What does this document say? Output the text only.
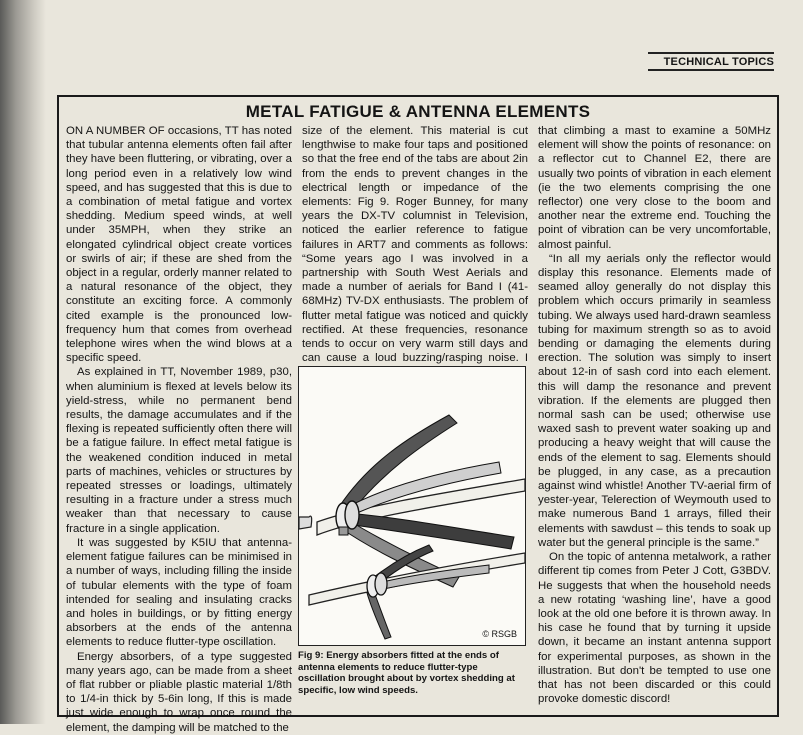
TECHNICAL TOPICS
METAL FATIGUE & ANTENNA ELEMENTS

ON A NUMBER OF occasions, TT has noted that tubular antenna elements often fail after they have been fluttering, or vibrating, over a long period even in a relatively low wind speed, and has suggested that this is due to a combination of metal fatigue and vortex shedding. Medium speed winds, at well under 35MPH, when they strike an elongated cylindrical object create vortices or swirls of air; if these are shed from the object in a regular, orderly manner related to a natural resonance of the object, they constitute an exciting force. A commonly cited example is the pronounced low-frequency hum that comes from overhead telephone wires when the wind blows at a specific speed.

As explained in TT, November 1989, p30, when aluminium is flexed at levels below its yield-stress, while no permanent bend results, the damage accumulates and if the flexing is repeated sufficiently often there will be a fatigue failure. In effect metal fatigue is the weakened condition induced in metal parts of machines, vehicles or structures by repeated stresses or loadings, ultimately resulting in a fracture under a stress much weaker than that necessary to cause fracture in a single application.

It was suggested by K5IU that antenna-element fatigue failures can be minimised in a number of ways, including filling the inside of tubular elements with the type of foam intended for sealing and insulating cracks and holes in buildings, or by fitting energy absorbers at the ends of the antenna elements to reduce flutter-type oscillation.

Energy absorbers, of a type suggested many years ago, can be made from a sheet of flat rubber or pliable plastic material 1/8th to 1/4-in thick by 5-6in long, If this is made just wide enough to wrap once round the element, the damping will be matched to the

size of the element. This material is cut lengthwise to make four taps and positioned so that the free end of the tabs are about 2in from the ends to prevent changes in the electrical length or impedance of the elements: Fig 9. Roger Bunney, for many years the DX-TV columnist in Television, noticed the earlier reference to fatigue failures in ART7 and comments as follows: “Some years ago I was involved in a partnership with South West Aerials and made a number of aerials for Band I (41-68MHz) TV-DX enthusiasts. The problem of flutter metal fatigue was noticed and quickly rectified. At these frequencies, resonance tends to occur on very warm still days and can cause a loud buzzing/rasping noise. I

that climbing a mast to examine a 50MHz element will show the points of resonance: on a reflector cut to Channel E2, there are usually two points of vibration in each element (ie the two elements comprising the one reflector) one very close to the boom and another near the extreme end. Touching the point of vibration can be very uncomfortable, almost painful.

“In all my aerials only the reflector would display this resonance. Elements made of seamed alloy generally do not display this problem which occurs primarily in seamless tubing. We always used hard-drawn seamless tubing for maximum strength so as to avoid bending or damaging the elements during erection. The solution was simply to insert about 12-in of sash cord into each element. this will damp the resonance and prevent vibration. If the elements are plugged then normal sash can be used; otherwise use waxed sash to prevent water soaking up and producing a heavy weight that will cause the ends of the element to sag. Elements should be plugged, in any case, as a precaution against wind whistle! Another TV-aerial firm of yester-year, Telerection of Weymouth used to make numerous Band 1 arrays, filled their elements with sawdust – this tends to soak up water but the general principle is the same.”

On the topic of antenna metalwork, a rather different tip comes from Peter J Cott, G3BDV. He suggests that when the household needs a new rotating ‘washing line’, have a good look at the old one before it is thrown away. In his case he found that by turning it upside down, it became an instant antenna support for experimental purposes, as shown in the illustration. But don't be tempted to use one that has not been discarded or this could provoke domestic discord!

© RSGB
Fig 9: Energy absorbers fitted at the ends of antenna elements to reduce flutter-type oscillation brought about by vortex shedding at specific, low wind speeds.
